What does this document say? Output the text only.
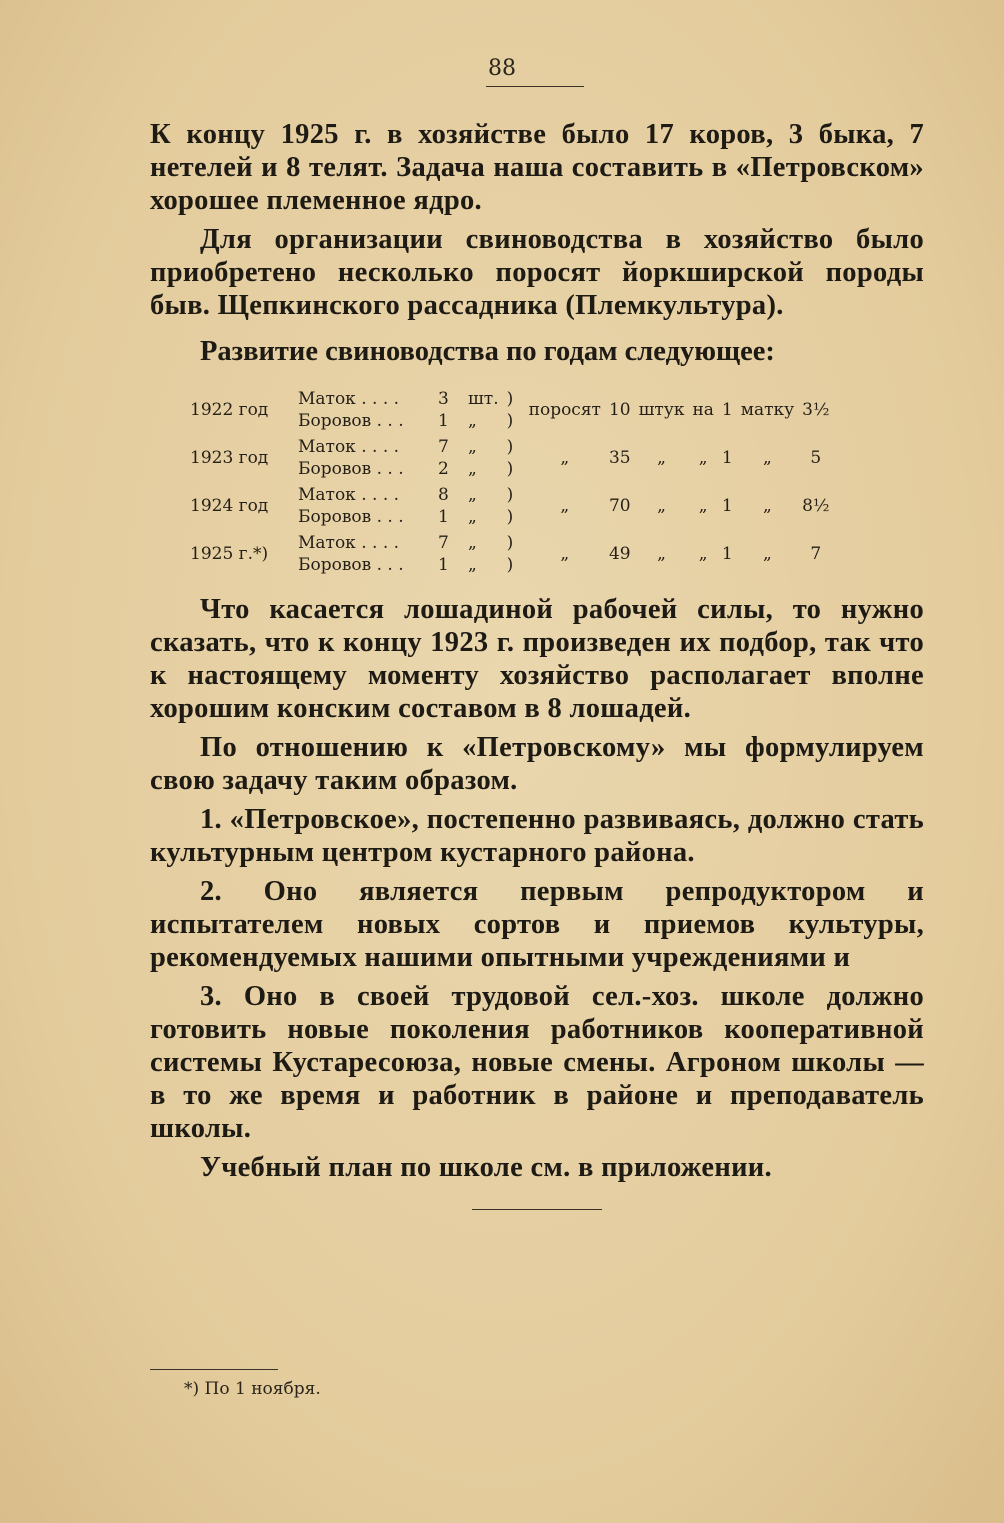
88

К концу 1925 г. в хозяйстве было 17 коров, 3 быка, 7 нетелей и 8 телят. Задача наша составить в «Петровском» хорошее племенное ядро.

Для организации свиноводства в хозяйство было приобретено несколько поросят йоркширской породы быв. Щепкинского рассадника (Племкультура).

Развитие свиноводства по годам следующее:
1922 год	Маток . . . .	3	шт.	)	поросят	10	штук	на	1	матку	3½
	Боровов . . .	1	„	)							
1923 год	Маток . . . .	7	„	)	„	35	„	„	1	„	5
	Боровов . . .	2	„	)							
1924 год	Маток . . . .	8	„	)	„	70	„	„	1	„	8½
	Боровов . . .	1	„	)							
1925 г.*)	Маток . . . .	7	„	)	„	49	„	„	1	„	7
	Боровов . . .	1	„	)							

Что касается лошадиной рабочей силы, то нужно сказать, что к концу 1923 г. произведен их подбор, так что к настоящему моменту хозяйство располагает вполне хорошим конским составом в 8 лошадей.

По отношению к «Петровскому» мы формулируем свою задачу таким образом.

1. «Петровское», постепенно развиваясь, должно стать культурным центром кустарного района.

2. Оно является первым репродуктором и испытателем новых сортов и приемов культуры, рекомендуемых нашими опытными учреждениями и

3. Оно в своей трудовой сел.-хоз. школе должно готовить новые поколения работников кооперативной системы Кустаресоюза, новые смены. Агроном школы — в то же время и работник в районе и преподаватель школы.

Учебный план по школе см. в приложении.

*) По 1 ноября.
